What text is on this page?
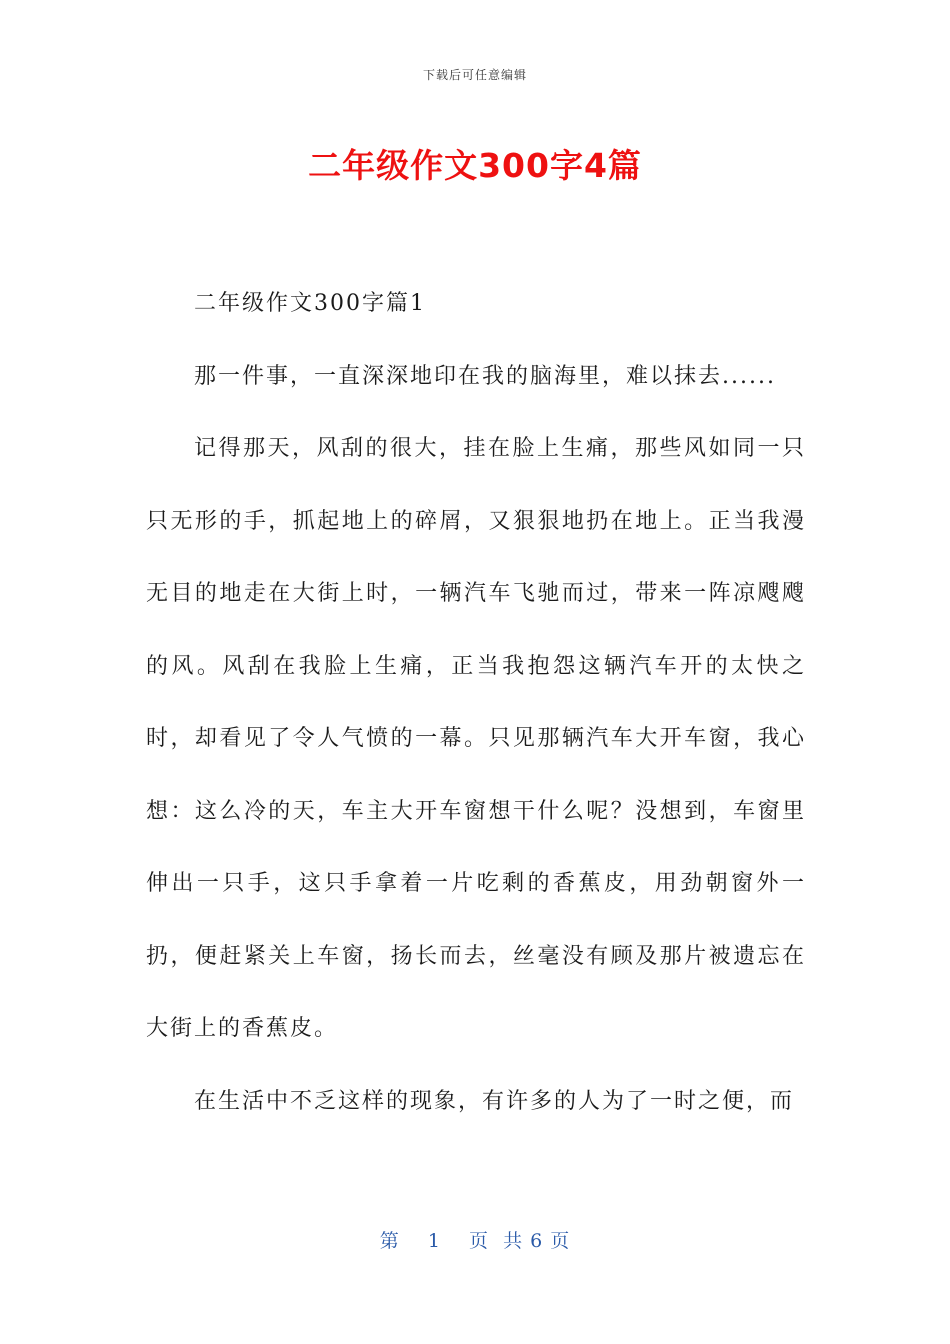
下载后可任意编辑
二年级作文300字4篇

二年级作文300字篇1

那一件事，一直深深地印在我的脑海里，难以抹去......

记得那天，风刮的很大，挂在脸上生痛，那些风如同一只只无形的手，抓起地上的碎屑，又狠狠地扔在地上。正当我漫无目的地走在大街上时，一辆汽车飞驰而过，带来一阵凉飕飕的风。风刮在我脸上生痛，正当我抱怨这辆汽车开的太快之时，却看见了令人气愤的一幕。只见那辆汽车大开车窗，我心想：这么冷的天，车主大开车窗想干什么呢？没想到，车窗里伸出一只手，这只手拿着一片吃剩的香蕉皮，用劲朝窗外一扔，便赶紧关上车窗，扬长而去，丝毫没有顾及那片被遗忘在大街上的香蕉皮。

在生活中不乏这样的现象，有许多的人为了一时之便，而

第 1 页  共 6 页
